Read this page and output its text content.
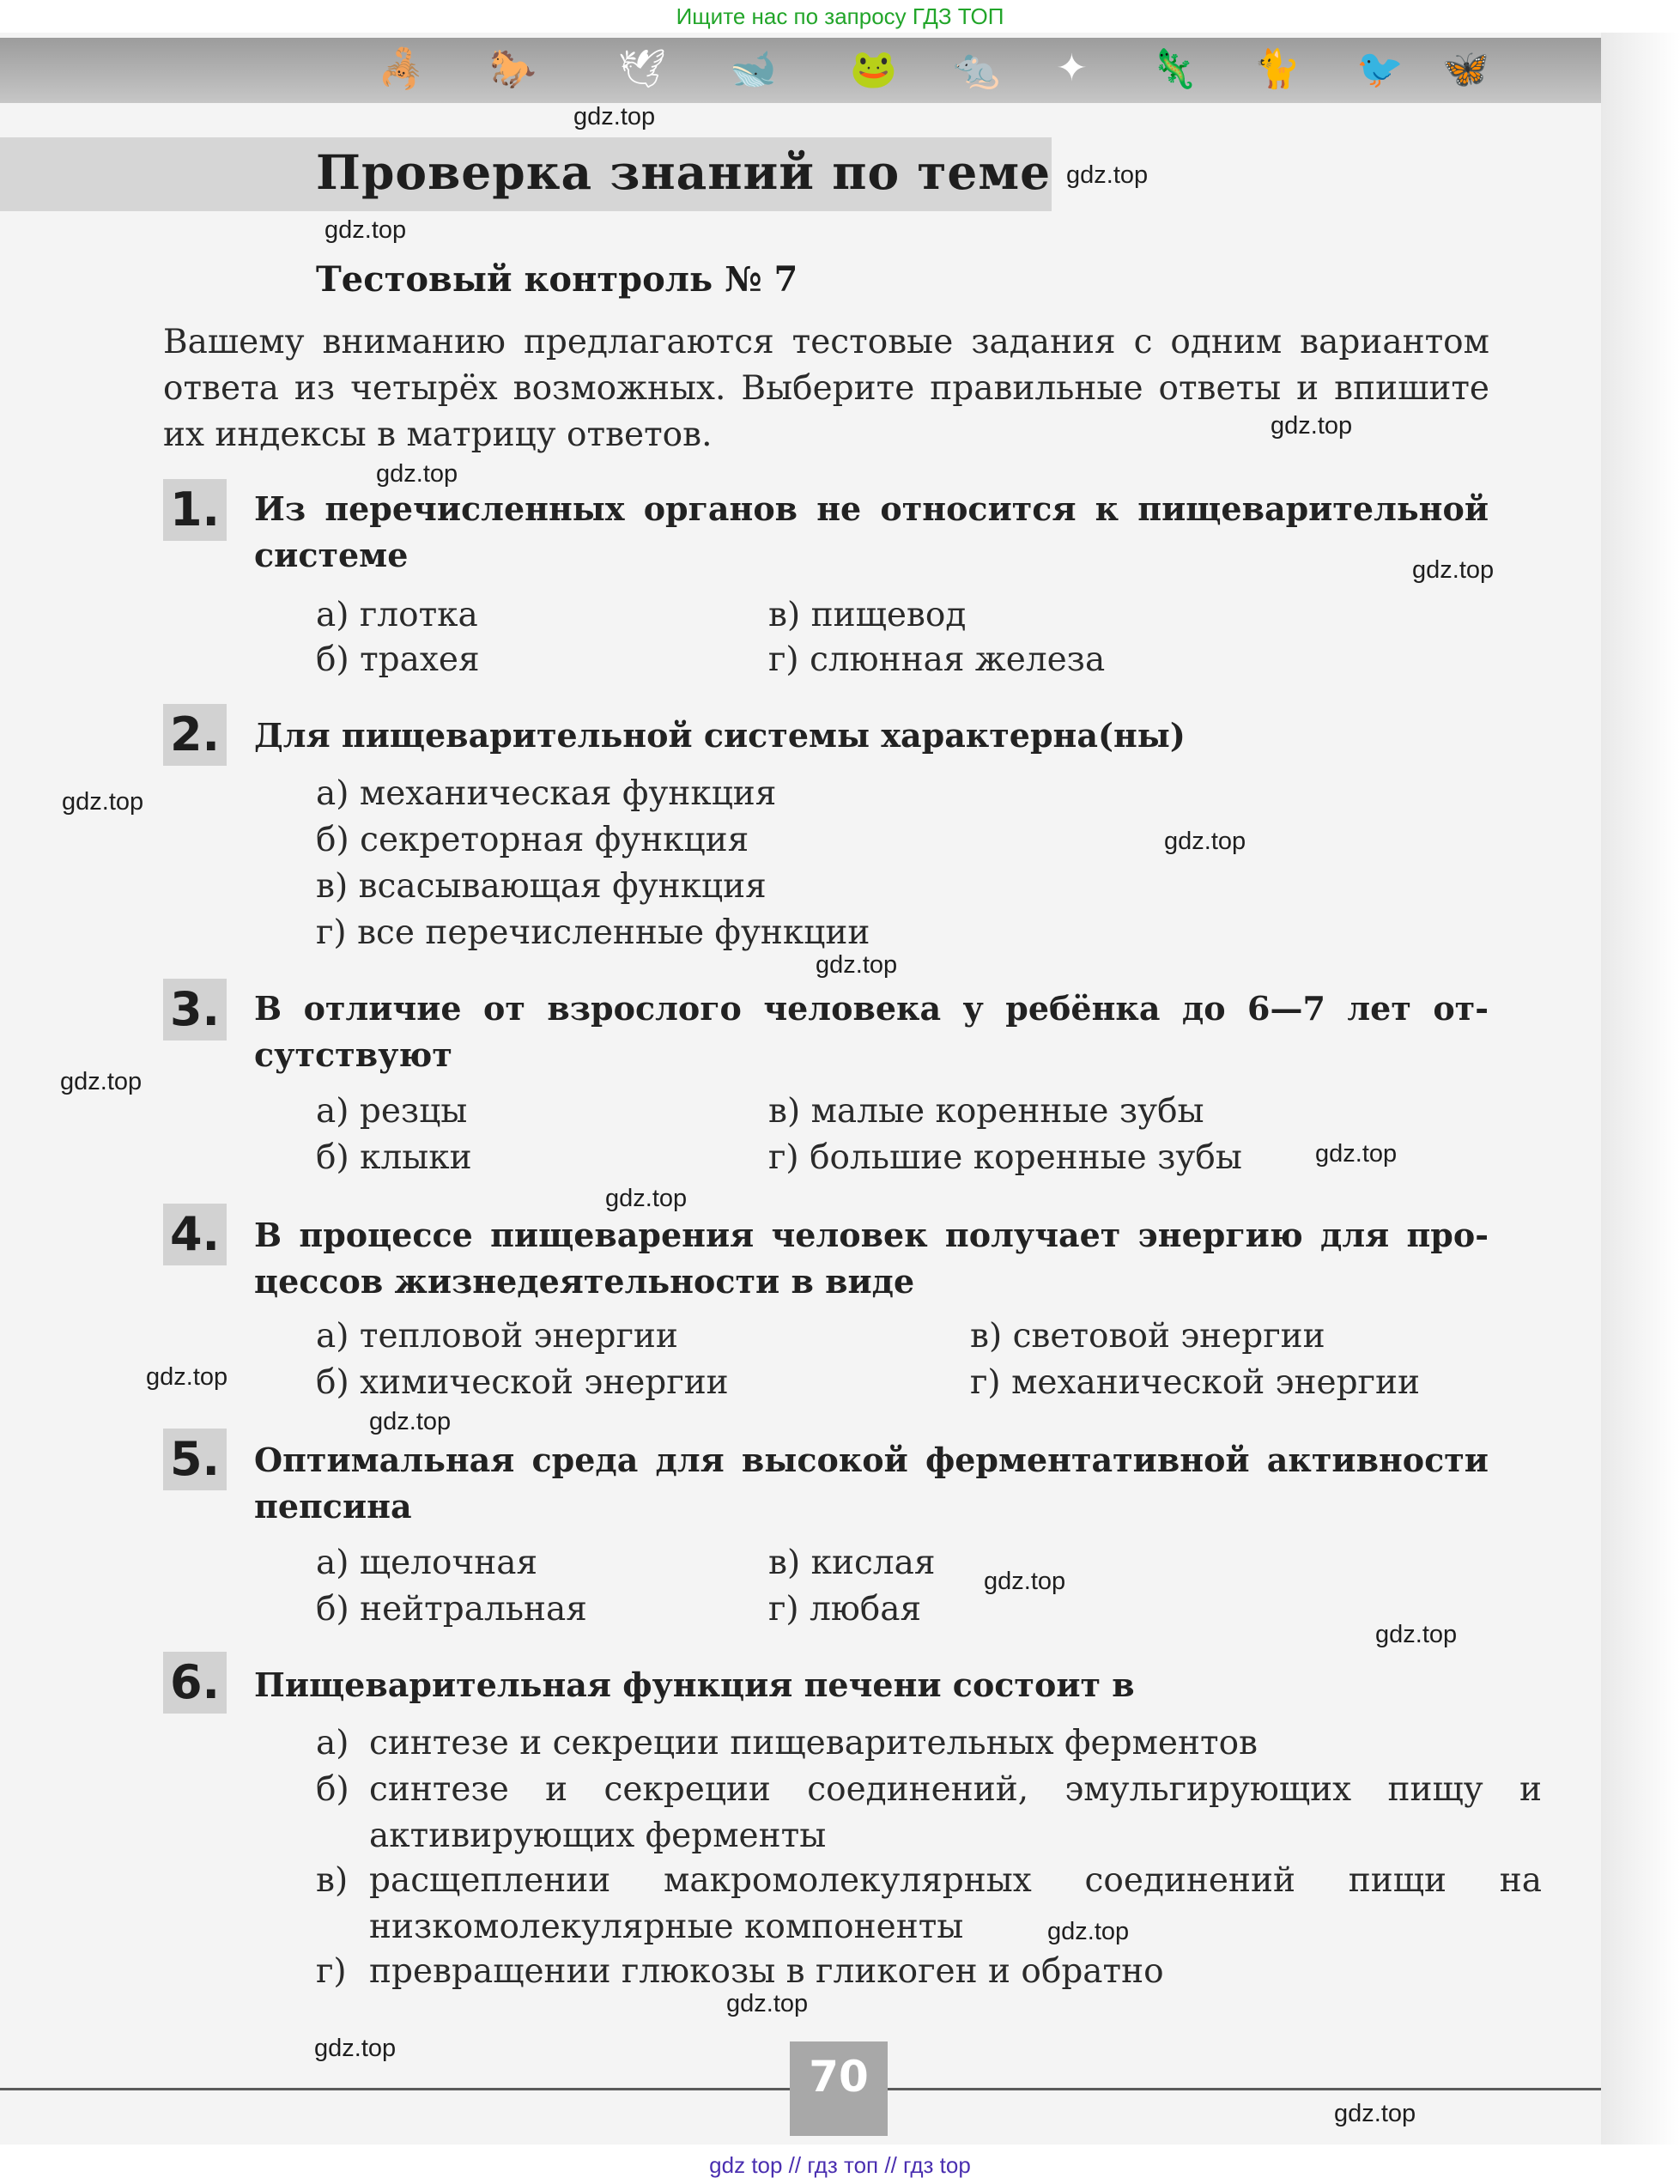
Ищите нас по запросу ГДЗ ТОП
🦂 🐎 🕊 🐋 🐸 🐀 ✦ 🦎 🐈 🐦 🦋
Проверка знаний по теме
Тестовый контроль № 7
Вашему вниманию предлагаются тестовые задания с одним вариантом ответа из четырёх возможных. Выберите правильные ответы и впишите их индексы в матрицу ответов.
1. Из перечисленных органов не относится к пищеварительной системе
а) глотка
б) трахея
в) пищевод
г) слюнная железа
2. Для пищеварительной системы характерна(ны)
а) механическая функция
б) секреторная функция
в) всасывающая функция
г) все перечисленные функции
3. В отличие от взрослого человека у ребёнка до 6—7 лет отсутствуют
а) резцы
б) клыки
в) малые коренные зубы
г) большие коренные зубы
4. В процессе пищеварения человек получает энергию для процессов жизнедеятельности в виде
а) тепловой энергии
б) химической энергии
в) световой энергии
г) механической энергии
5. Оптимальная среда для высокой ферментативной активности пепсина
а) щелочная
б) нейтральная
в) кислая
г) любая
6. Пищеварительная функция печени состоит в
а) синтезе и секреции пищеварительных ферментов
б) синтезе и секреции соединений, эмульгирующих пищу и активирующих ферменты
в) расщеплении макромолекулярных соединений пищи на низкомолекулярные компоненты
г) превращении глюкозы в гликоген и обратно
70
gdz.top
gdz.top
gdz.top
gdz.top
gdz.top
gdz.top
gdz.top
gdz.top
gdz.top
gdz.top
gdz.top
gdz.top
gdz.top
gdz.top
gdz.top
gdz.top
gdz.top
gdz.top
gdz.top
gdz.top
gdz top // гдз топ // гдз top
